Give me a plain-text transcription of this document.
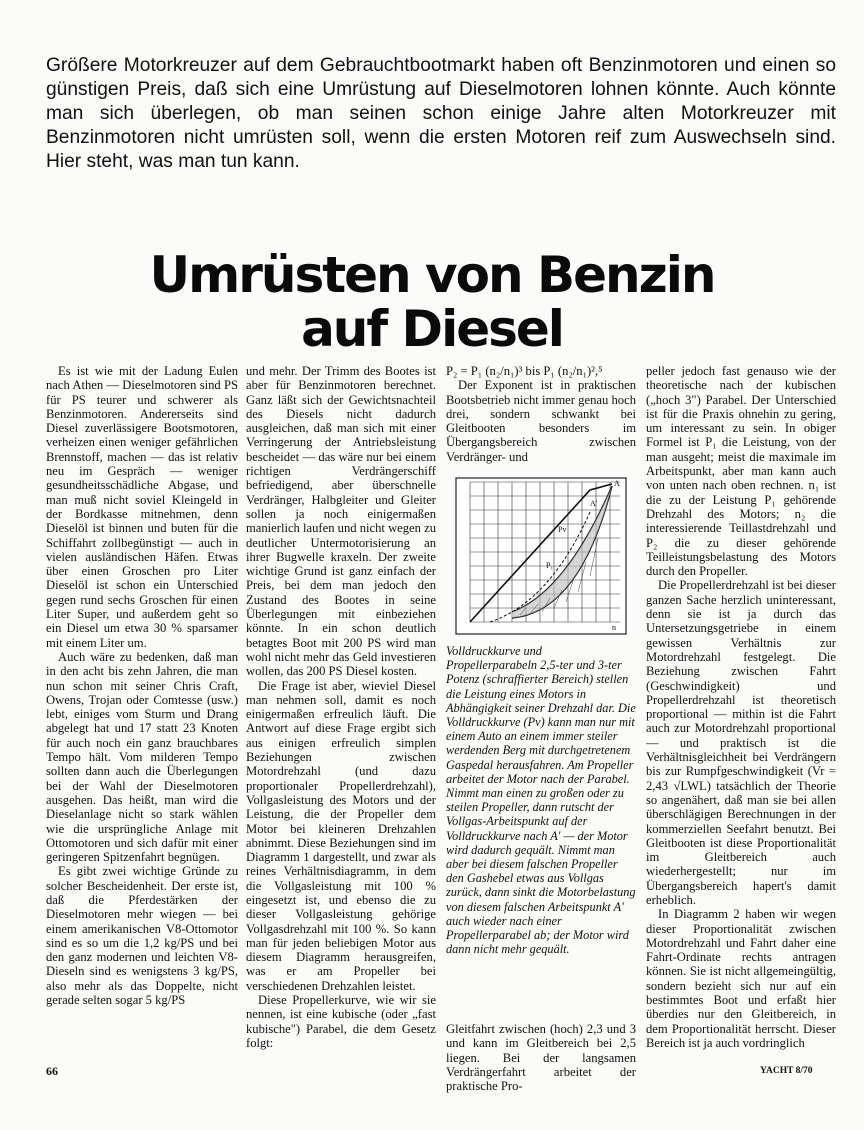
Größere Motorkreuzer auf dem Gebrauchtbootmarkt haben oft Benzinmotoren und einen so günstigen Preis, daß sich eine Umrüstung auf Dieselmotoren lohnen könnte. Auch könnte man sich überlegen, ob man seinen schon einige Jahre alten Motorkreuzer mit Benzinmotoren nicht umrüsten soll, wenn die ersten Motoren reif zum Auswechseln sind. Hier steht, was man tun kann.

Umrüsten von Benzin
auf Diesel

Es ist wie mit der Ladung Eulen nach Athen — Dieselmotoren sind PS für PS teurer und schwerer als Benzinmotoren. Andererseits sind Diesel zuverlässigere Bootsmotoren, verheizen einen weniger gefährlichen Brennstoff, machen — das ist relativ neu im Gespräch — weniger gesundheitsschädliche Abgase, und man muß nicht soviel Kleingeld in der Bordkasse mitnehmen, denn Dieselöl ist binnen und buten für die Schiffahrt zollbegünstigt — auch in vielen ausländischen Häfen. Etwas über einen Groschen pro Liter Dieselöl ist schon ein Unterschied gegen rund sechs Groschen für einen Liter Super, und außerdem geht so ein Diesel um etwa 30 % sparsamer mit einem Liter um.

Auch wäre zu bedenken, daß man in den acht bis zehn Jahren, die man nun schon mit seiner Chris Craft, Owens, Trojan oder Comtesse (usw.) lebt, einiges vom Sturm und Drang abgelegt hat und 17 statt 23 Knoten für auch noch ein ganz brauchbares Tempo hält. Vom milderen Tempo sollten dann auch die Überlegungen bei der Wahl der Dieselmotoren ausgehen. Das heißt, man wird die Dieselanlage nicht so stark wählen wie die ursprüngliche Anlage mit Ottomotoren und sich dafür mit einer geringeren Spitzenfahrt begnügen.

Es gibt zwei wichtige Gründe zu solcher Bescheidenheit. Der erste ist, daß die Pferdestärken der Dieselmotoren mehr wiegen — bei einem amerikanischen V8-Ottomotor sind es so um die 1,2 kg/PS und bei den ganz modernen und leichten V8-Dieseln sind es wenigstens 3 kg/PS, also mehr als das Doppelte, nicht gerade selten sogar 5 kg/PS

und mehr. Der Trimm des Bootes ist aber für Benzinmotoren berechnet. Ganz läßt sich der Gewichtsnachteil des Diesels nicht dadurch ausgleichen, daß man sich mit einer Verringerung der Antriebsleistung bescheidet — das wäre nur bei einem richtigen Verdrängerschiff befriedigend, aber überschnelle Verdränger, Halbgleiter und Gleiter sollen ja noch einigermaßen manierlich laufen und nicht wegen zu deutlicher Untermotorisierung an ihrer Bugwelle kraxeln. Der zweite wichtige Grund ist ganz einfach der Preis, bei dem man jedoch den Zustand des Bootes in seine Überlegungen mit einbeziehen könnte. In ein schon deutlich betagtes Boot mit 200 PS wird man wohl nicht mehr das Geld investieren wollen, das 200 PS Diesel kosten.

Die Frage ist aber, wieviel Diesel man nehmen soll, damit es noch einigermaßen erfreulich läuft. Die Antwort auf diese Frage ergibt sich aus einigen erfreulich simplen Beziehungen zwischen Motordrehzahl (und dazu proportionaler Propellerdrehzahl), Vollgasleistung des Motors und der Leistung, die der Propeller dem Motor bei kleineren Drehzahlen abnimmt. Diese Beziehungen sind im Diagramm 1 dargestellt, und zwar als reines Verhältnisdiagramm, in dem die Vollgasleistung mit 100 % eingesetzt ist, und ebenso die zu dieser Vollgasleistung gehörige Vollgasdrehzahl mit 100 %. So kann man für jeden beliebigen Motor aus diesem Diagramm herausgreifen, was er am Propeller bei verschiedenen Drehzahlen leistet.

Diese Propellerkurve, wie wir sie nennen, ist eine kubische (oder „fast kubische") Parabel, die dem Gesetz folgt:

P₂ = P₁ (n₂/n₁)³ bis P₁ (n₂/n₁)²,⁵

Der Exponent ist in praktischen Bootsbetrieb nicht immer genau hoch drei, sondern schwankt bei Gleitbooten besonders im Übergangsbereich zwischen Verdränger- und

Pv
A
A'
P₁
n
Volldruckkurve und Propellerparabeln 2,5-ter und 3-ter Potenz (schraffierter Bereich) stellen die Leistung eines Motors in Abhängigkeit seiner Drehzahl dar. Die Volldruckkurve (Pv) kann man nur mit einem Auto an einem immer steiler werdenden Berg mit durchgetretenem Gaspedal herausfahren. Am Propeller arbeitet der Motor nach der Parabel. Nimmt man einen zu großen oder zu steilen Propeller, dann rutscht der Vollgas-Arbeitspunkt auf der Volldruckkurve nach A' — der Motor wird dadurch gequält. Nimmt man aber bei diesem falschen Propeller den Gashebel etwas aus Vollgas zurück, dann sinkt die Motorbelastung von diesem falschen Arbeitspunkt A' auch wieder nach einer Propellerparabel ab; der Motor wird dann nicht mehr gequält.

Gleitfahrt zwischen (hoch) 2,3 und 3 und kann im Gleitbereich bei 2,5 liegen. Bei der langsamen Verdrängerfahrt arbeitet der praktische Pro-

peller jedoch fast genauso wie der theoretische nach der kubischen („hoch 3") Parabel. Der Unterschied ist für die Praxis ohnehin zu gering, um interessant zu sein. In obiger Formel ist P₁ die Leistung, von der man ausgeht; meist die maximale im Arbeitspunkt, aber man kann auch von unten nach oben rechnen. n₁ ist die zu der Leistung P₁ gehörende Drehzahl des Motors; n₂ die interessierende Teillastdrehzahl und P₂ die zu dieser gehörende Teilleistungsbelastung des Motors durch den Propeller.

Die Propellerdrehzahl ist bei dieser ganzen Sache herzlich uninteressant, denn sie ist ja durch das Untersetzungsgetriebe in einem gewissen Verhältnis zur Motordrehzahl festgelegt. Die Beziehung zwischen Fahrt (Geschwindigkeit) und Propellerdrehzahl ist theoretisch proportional — mithin ist die Fahrt auch zur Motordrehzahl proportional — und praktisch ist die Verhältnisgleichheit bei Verdrängern bis zur Rumpfgeschwindigkeit (Vr = 2,43 √LWL) tatsächlich der Theorie so angenähert, daß man sie bei allen überschlägigen Berechnungen in der kommerziellen Seefahrt benutzt. Bei Gleitbooten ist diese Proportionalität im Gleitbereich auch wiederhergestellt; nur im Übergangsbereich hapert's damit erheblich.

In Diagramm 2 haben wir wegen dieser Proportionalität zwischen Motordrehzahl und Fahrt daher eine Fahrt-Ordinate rechts antragen können. Sie ist nicht allgemeingültig, sondern bezieht sich nur auf ein bestimmtes Boot und erfaßt hier überdies nur den Gleitbereich, in dem Proportionalität herrscht. Dieser Bereich ist ja auch vordringlich

66	YACHT 8/70
